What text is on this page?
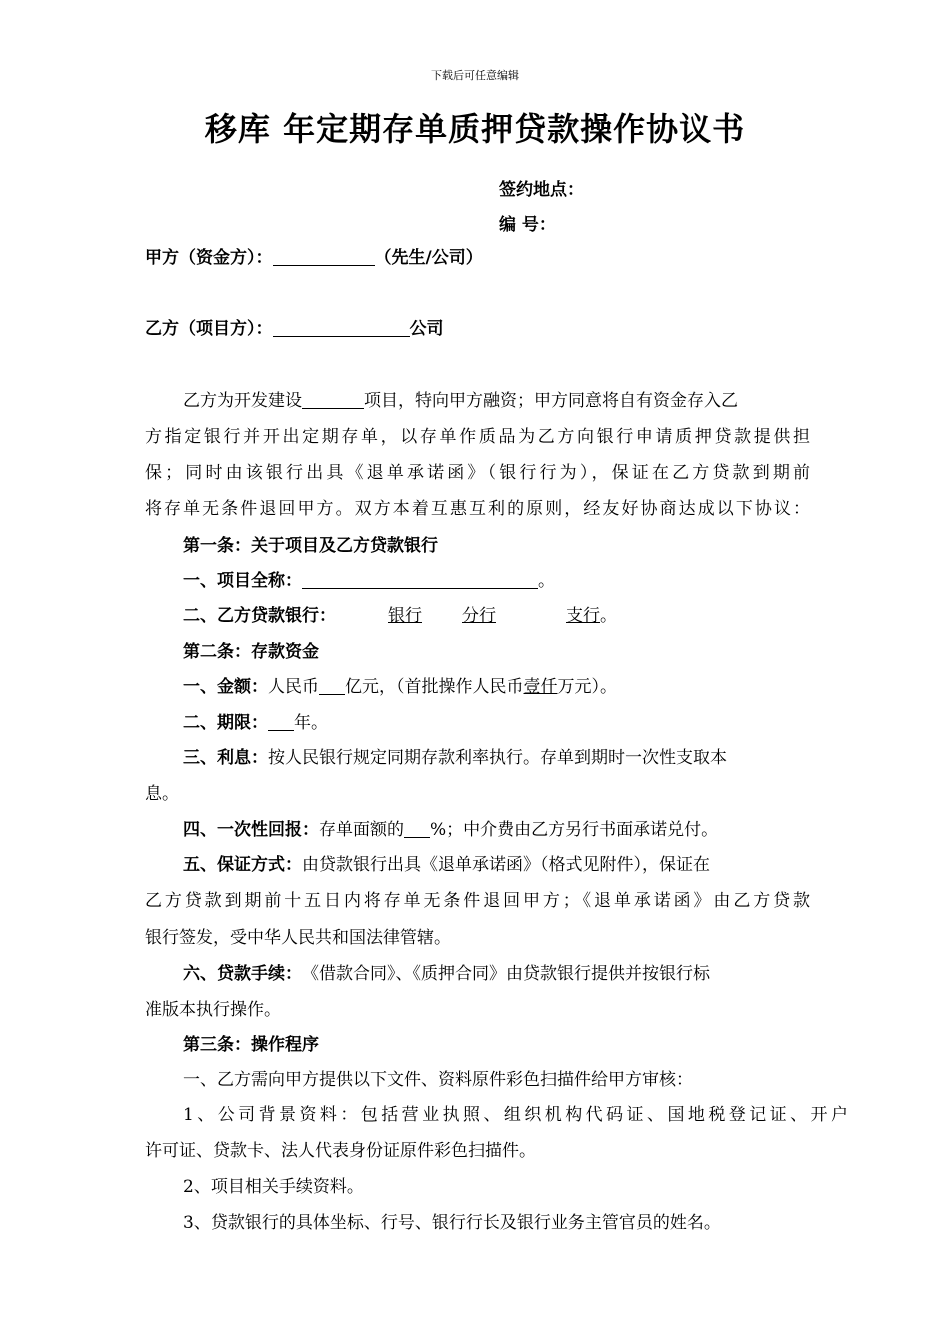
下载后可任意编辑
移库 年定期存单质押贷款操作协议书
签约地点：
编 号：
甲方（资金方）：	（先生/公司）
乙方（项目方）：	公司
乙方为开发建设	项目，特向甲方融资；甲方同意将自有资金存入乙
方指定银行并开出定期存单，以存单作质品为乙方向银行申请质押贷款提供担
保；同时由该银行出具《退单承诺函》（银行行为），保证在乙方贷款到期前
将存单无条件退回甲方。双方本着互惠互利的原则，经友好协商达成以下协议：
第一条：关于项目及乙方贷款银行
一、项目全称：	。
二、乙方贷款银行：	银行 分行	支行。
第二条：存款资金
一、金额：人民币 亿元，（首批操作人民币壹仟万元）。
二、期限： 年。
三、利息：按人民银行规定同期存款利率执行。存单到期时一次性支取本
息。
四、一次性回报：存单面额的 %；中介费由乙方另行书面承诺兑付。
五、保证方式：由贷款银行出具《退单承诺函》（格式见附件），保证在
乙方贷款到期前十五日内将存单无条件退回甲方；《退单承诺函》由乙方贷款
银行签发，受中华人民共和国法律管辖。
六、贷款手续：《借款合同》、《质押合同》由贷款银行提供并按银行标
准版本执行操作。
第三条：操作程序
一、乙方需向甲方提供以下文件、资料原件彩色扫描件给甲方审核：
1、公司背景资料：包括营业执照、组织机构代码证、国地税登记证、开户
许可证、贷款卡、法人代表身份证原件彩色扫描件。
2、项目相关手续资料。
3、贷款银行的具体坐标、行号、银行行长及银行业务主管官员的姓名。
